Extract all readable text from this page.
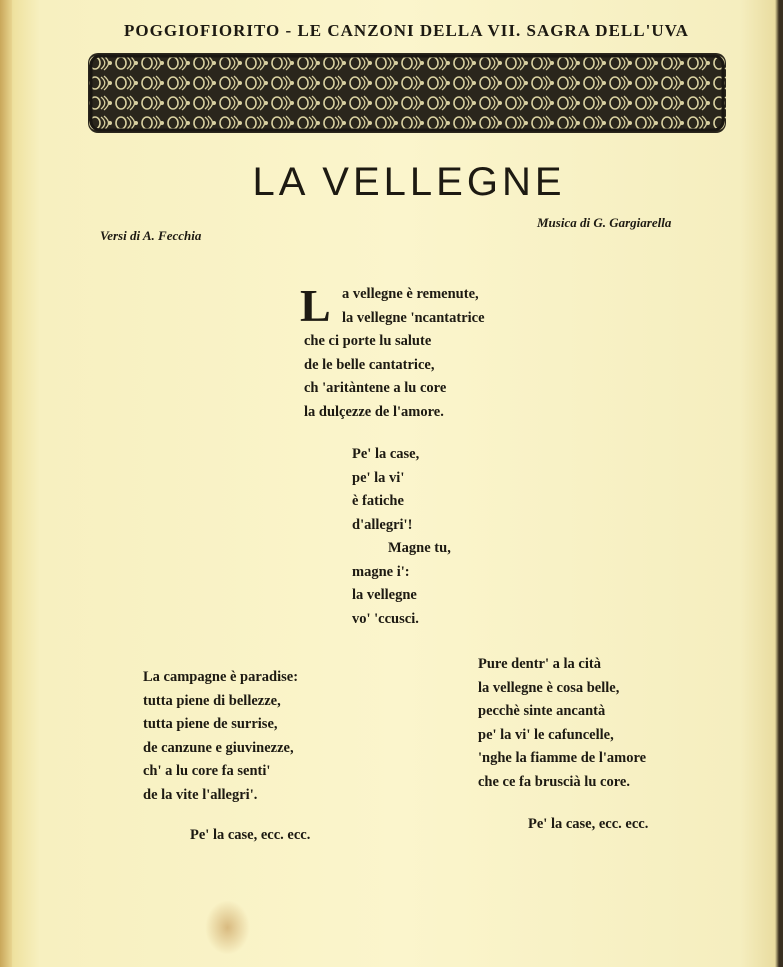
POGGIOFIORITO - LE CANZONI DELLA VII. SAGRA DELL'UVA
LA VELLEGNE
Versi di A. Fecchia
Musica di G. Gargiarella
L a vellegne è remenute,
la vellegne 'ncantatrice
che ci porte lu salute
de le belle cantatrice,
ch 'aritàntene a lu core
la dulçezze de l'amore.
Pe' la case,
pe' la vi'
è fatiche
d'allegri'!
Magne tu,
magne i':
la vellegne
vo' 'ccusci.
La campagne è paradise:
tutta piene di bellezze,
tutta piene de surrise,
de canzune e giuvinezze,
ch' a lu core fa senti'
de la vite l'allegri'.
Pe' la case, ecc. ecc.
Pure dentr' a la cità
la vellegne è cosa belle,
pecchè sinte ancantà
pe' la vi' le cafuncelle,
'nghe la fiamme de l'amore
che ce fa bruscià lu core.
Pe' la case, ecc. ecc.
